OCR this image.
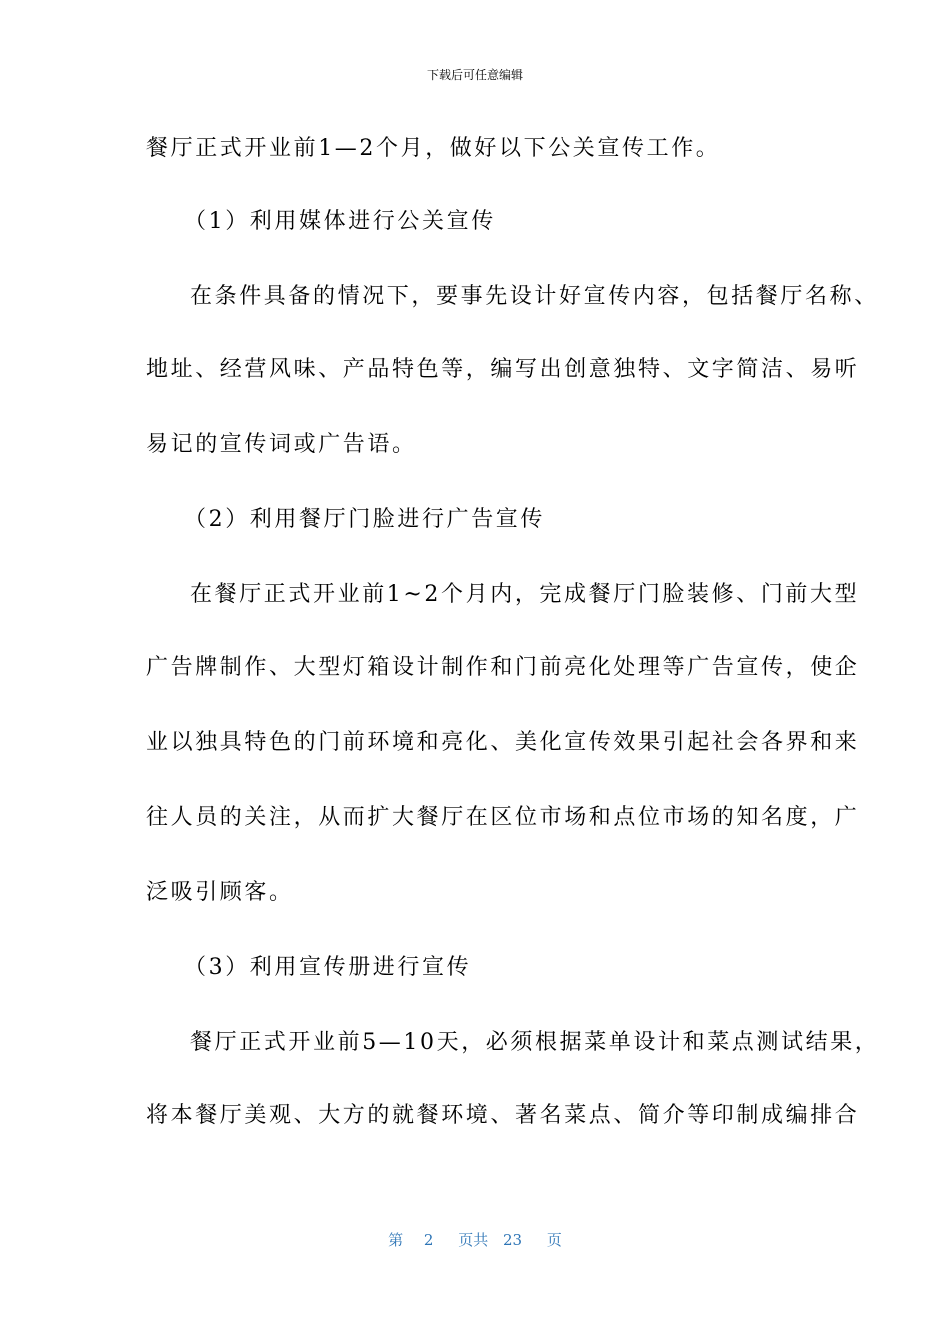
下载后可任意编辑
餐厅正式开业前1—2个月，做好以下公关宣传工作。
（1）利用媒体进行公关宣传
在条件具备的情况下，要事先设计好宣传内容，包括餐厅名称、
地址、经营风味、产品特色等，编写出创意独特、文字简洁、易听
易记的宣传词或广告语。
（2）利用餐厅门脸进行广告宣传
在餐厅正式开业前1~2个月内，完成餐厅门脸装修、门前大型
广告牌制作、大型灯箱设计制作和门前亮化处理等广告宣传，使企
业以独具特色的门前环境和亮化、美化宣传效果引起社会各界和来
往人员的关注，从而扩大餐厅在区位市场和点位市场的知名度，广
泛吸引顾客。
（3）利用宣传册进行宣传
餐厅正式开业前5—10天，必须根据菜单设计和菜点测试结果，
将本餐厅美观、大方的就餐环境、著名菜点、简介等印制成编排合
第 2 页共 23 页
